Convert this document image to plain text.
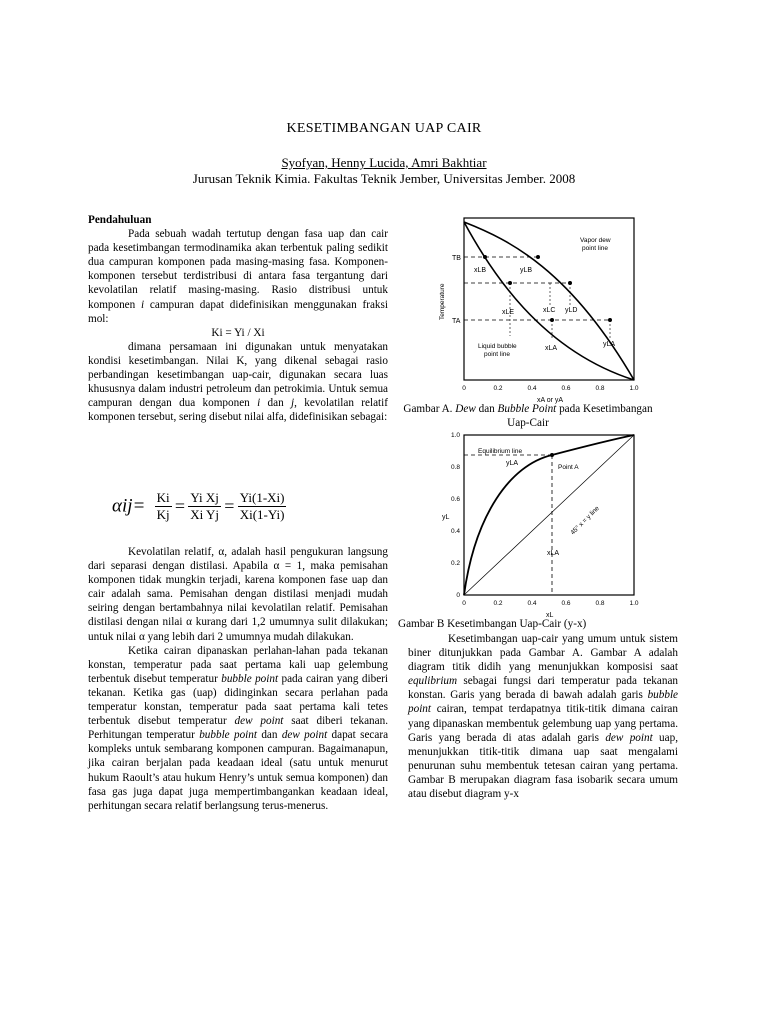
KESETIMBANGAN UAP CAIR
Syofyan, Henny Lucida, Amri Bakhtiar
Jurusan Teknik Kimia. Fakultas Teknik Jember, Universitas Jember. 2008

Pendahuluan

Pada sebuah wadah tertutup dengan fasa uap dan cair pada kesetimbangan termodinamika akan terbentuk paling sedikit dua campuran komponen pada masing-masing fasa. Komponen-komponen tersebut terdistribusi di antara fasa tergantung dari kevolatilan relatif masing-masing. Rasio distribusi untuk komponen i campuran dapat didefinisikan menggunakan fraksi mol:

Ki = Yi / Xi

dimana persamaan ini digunakan untuk menyatakan kondisi kesetimbangan. Nilai K, yang dikenal sebagai rasio perbandingan kesetimbangan uap-cair, digunakan secara luas khususnya dalam industri petroleum dan petrokimia. Untuk semua campuran dengan dua komponen i dan j, kevolatilan relatif komponen tersebut, sering disebut nilai alfa, didefinisikan sebagai:

$\alpha ij= \frac{Ki}{Kj} = \frac{\text{Yi Xj}}{\text{Xi Yj}} = \frac{Yi(1-Xi)}{Xi(1-Yi)}$

Kevolatilan relatif, α, adalah hasil pengukuran langsung dari separasi dengan distilasi. Apabila α = 1, maka pemisahan komponen tidak mungkin terjadi, karena komponen fase uap dan cair adalah sama. Pemisahan dengan distilasi menjadi mudah seiring dengan bertambahnya nilai kevolatilan relatif. Pemisahan distilasi dengan nilai α kurang dari 1,2 umumnya sulit dilakukan; untuk nilai α yang lebih dari 2 umumnya mudah dilakukan.

Ketika cairan dipanaskan perlahan-lahan pada tekanan konstan, temperatur pada saat pertama kali uap gelembung terbentuk disebut temperatur bubble point pada cairan yang diberi tekanan. Ketika gas (uap) didinginkan secara perlahan pada temperatur konstan, temperatur pada saat pertama kali tetes terbentuk disebut temperatur dew point saat diberi tekanan. Perhitungan temperatur bubble point dan dew point dapat secara kompleks untuk sembarang komponen campuran. Bagaimanapun, jika cairan berjalan pada keadaan ideal (satu untuk menurut hukum Raoult’s atau hukum Henry’s untuk semua komponen) dan fasa gas juga dapat juga mempertimbangankan keadaan ideal, perhitungan secara relatif berlangsung terus-menerus.

TB
TA
Vapor dew
point line
Liquid bubble
point line
xLB	yLB
xLE	xLC yLD
xLA
yLA
Temperature
xA or yA
0	0.2	0.4	0.6	0.8	1.0
Gambar A. Dew dan Bubble Point pada Kesetimbangan Uap-Cair
Equilibrium line
Point A
yLA
xLA
45° x = y line
yL
xL
0	0.2	0.4	0.6	0.8	1.0
0
0.2
0.4
0.6
0.8
1.0
Gambar B Kesetimbangan Uap-Cair (y-x)

Kesetimbangan uap-cair yang umum untuk sistem biner ditunjukkan pada Gambar A. Gambar A adalah diagram titik didih yang menunjukkan komposisi saat equlibrium sebagai fungsi dari temperatur pada tekanan konstan. Garis yang berada di bawah adalah garis bubble point cairan, tempat terdapatnya titik-titik dimana cairan yang dipanaskan membentuk gelembung uap yang pertama. Garis yang berada di atas adalah garis dew point uap, menunjukkan titik-titik dimana uap saat mengalami penurunan suhu membentuk tetesan cairan yang pertama. Gambar B merupakan diagram fasa isobarik secara umum atau disebut diagram y-x
